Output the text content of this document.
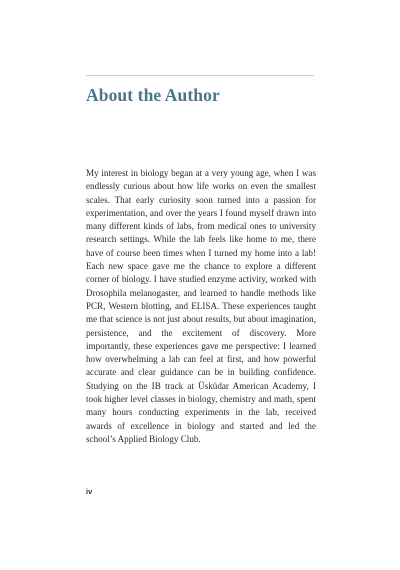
About the Author

My interest in biology began at a very young age, when I was endlessly curious about how life works on even the smallest scales. That early curiosity soon turned into a passion for experimentation, and over the years I found myself drawn into many different kinds of labs, from medical ones to university research settings. While the lab feels like home to me, there have of course been times when I turned my home into a lab! Each new space gave me the chance to explore a different corner of biology. I have studied enzyme activity, worked with Drosophila melanogaster, and learned to handle methods like PCR, Western blotting, and ELISA. These experiences taught me that science is not just about results, but about imagination, persistence, and the excitement of discovery. More importantly, these experiences gave me perspective: I learned how overwhelming a lab can feel at first, and how powerful accurate and clear guidance can be in building confidence. Studying on the IB track at Üsküdar American Academy, I took higher level classes in biology, chemistry and math, spent many hours conducting experiments in the lab, received awards of excellence in biology and started and led the school’s Applied Biology Club.

iv
